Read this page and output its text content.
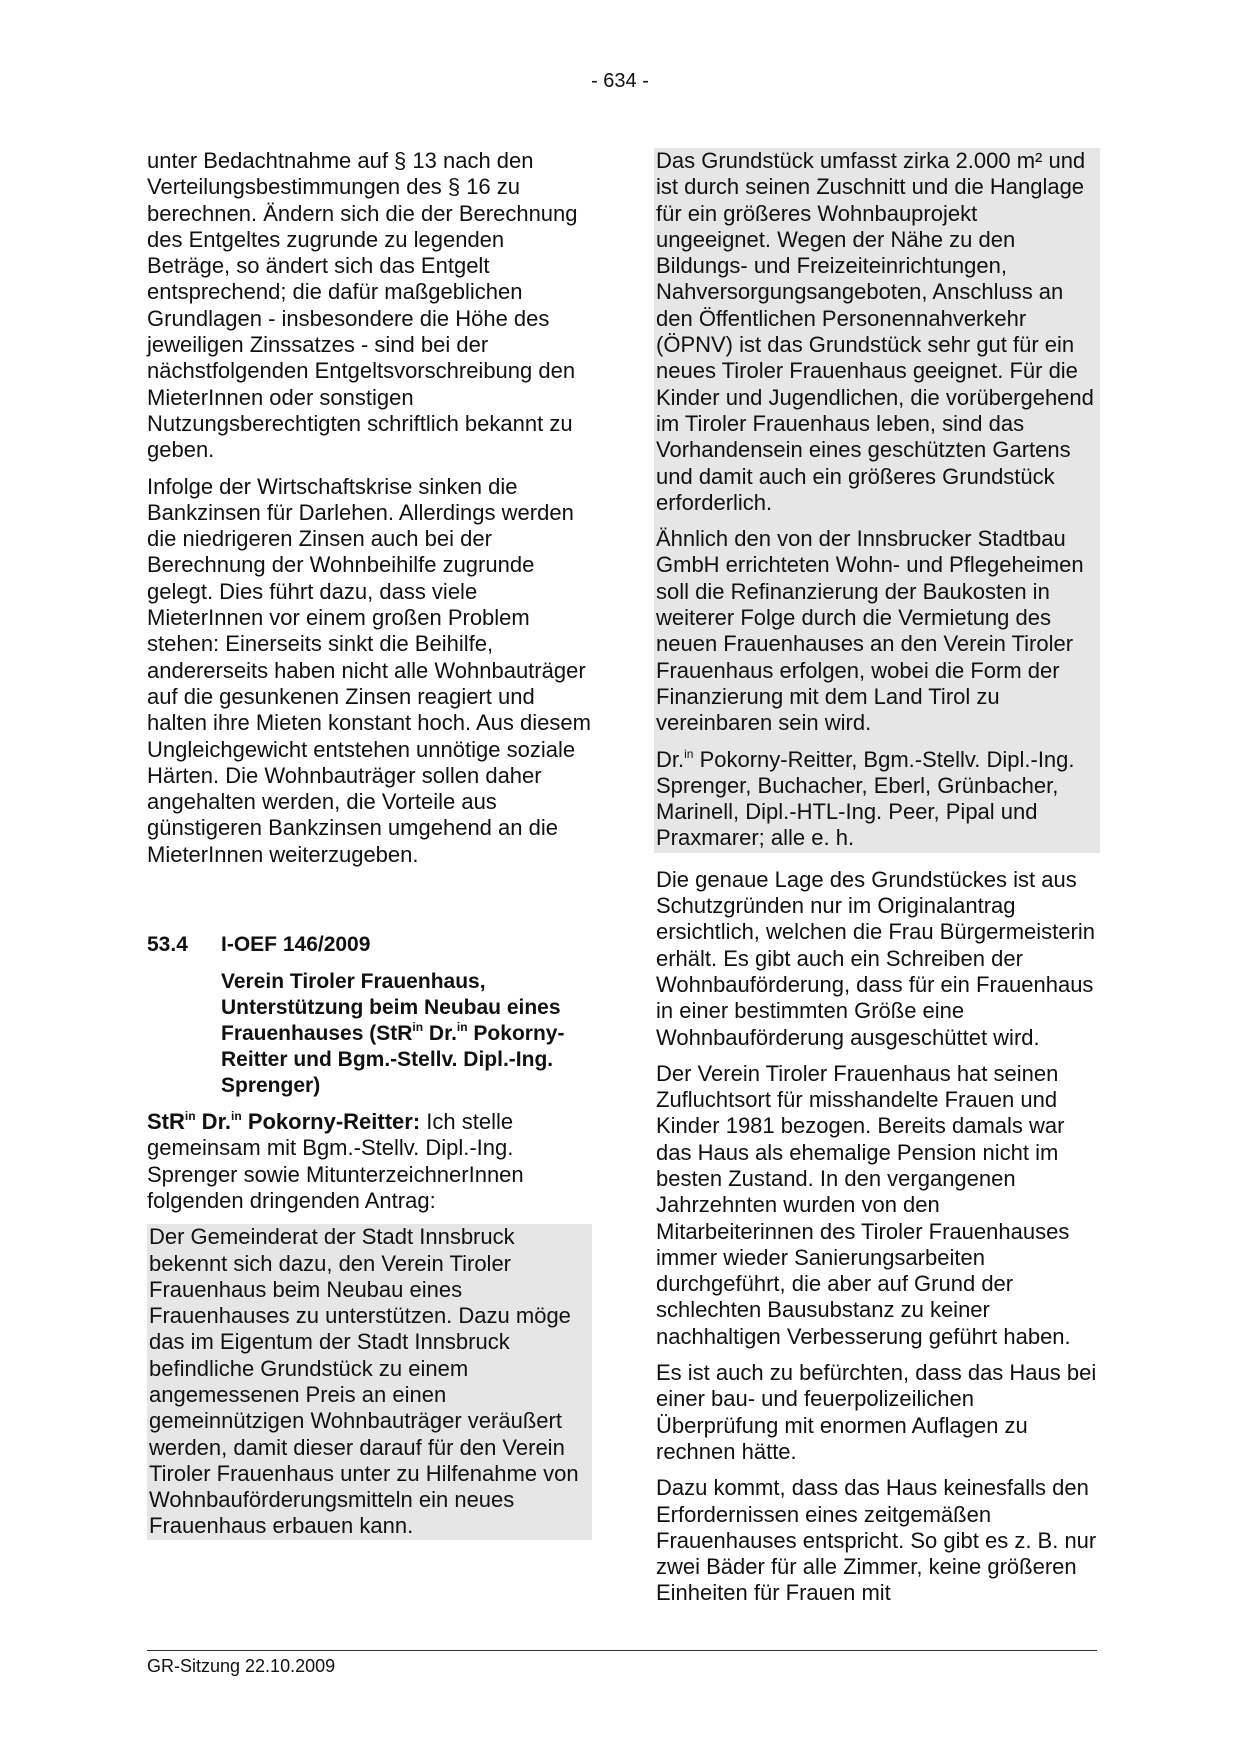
- 634 -

unter Bedachtnahme auf § 13 nach den Verteilungsbestimmungen des § 16 zu berechnen. Ändern sich die der Berechnung des Entgeltes zugrunde zu legenden Beträge, so ändert sich das Entgelt entsprechend; die dafür maßgeblichen Grundlagen - insbesondere die Höhe des jeweiligen Zinssatzes - sind bei der nächstfolgenden Entgeltsvorschreibung den MieterInnen oder sonstigen Nutzungsberechtigten schriftlich bekannt zu geben.

Infolge der Wirtschaftskrise sinken die Bankzinsen für Darlehen. Allerdings werden die niedrigeren Zinsen auch bei der Berechnung der Wohnbeihilfe zugrunde gelegt. Dies führt dazu, dass viele MieterInnen vor einem großen Problem stehen: Einerseits sinkt die Beihilfe, andererseits haben nicht alle Wohnbauträger auf die gesunkenen Zinsen reagiert und halten ihre Mieten konstant hoch. Aus diesem Ungleichgewicht entstehen unnötige soziale Härten. Die Wohnbauträger sollen daher angehalten werden, die Vorteile aus günstigeren Bankzinsen umgehend an die MieterInnen weiterzugeben.

53.4	I-OEF 146/2009
Verein Tiroler Frauenhaus, Unterstützung beim Neubau eines Frauenhauses (StR$^{in}$ Dr.$^{in}$ Pokorny-Reitter und Bgm.-Stellv. Dipl.-Ing. Sprenger)

StR$^{in}$ Dr.$^{in}$ Pokorny-Reitter: Ich stelle gemeinsam mit Bgm.-Stellv. Dipl.-Ing. Sprenger sowie MitunterzeichnerInnen folgenden dringenden Antrag:

Der Gemeinderat der Stadt Innsbruck bekennt sich dazu, den Verein Tiroler Frauenhaus beim Neubau eines Frauenhauses zu unterstützen. Dazu möge das im Eigentum der Stadt Innsbruck befindliche Grundstück zu einem angemessenen Preis an einen gemeinnützigen Wohnbauträger veräußert werden, damit dieser darauf für den Verein Tiroler Frauenhaus unter zu Hilfenahme von Wohnbauförderungsmitteln ein neues Frauenhaus erbauen kann.

Das Grundstück umfasst zirka 2.000 m² und ist durch seinen Zuschnitt und die Hanglage für ein größeres Wohnbauprojekt ungeeignet. Wegen der Nähe zu den Bildungs- und Freizeiteinrichtungen, Nahversorgungsangeboten, Anschluss an den Öffentlichen Personennahverkehr (ÖPNV) ist das Grundstück sehr gut für ein neues Tiroler Frauenhaus geeignet. Für die Kinder und Jugendlichen, die vorübergehend im Tiroler Frauenhaus leben, sind das Vorhandensein eines geschützten Gartens und damit auch ein größeres Grundstück erforderlich.

Ähnlich den von der Innsbrucker Stadtbau GmbH errichteten Wohn- und Pflegeheimen soll die Refinanzierung der Baukosten in weiterer Folge durch die Vermietung des neuen Frauenhauses an den Verein Tiroler Frauenhaus erfolgen, wobei die Form der Finanzierung mit dem Land Tirol zu vereinbaren sein wird.

Dr.$^{in}$ Pokorny-Reitter, Bgm.-Stellv. Dipl.-Ing. Sprenger, Buchacher, Eberl, Grünbacher, Marinell, Dipl.-HTL-Ing. Peer, Pipal und Praxmarer; alle e. h.

Die genaue Lage des Grundstückes ist aus Schutzgründen nur im Originalantrag ersichtlich, welchen die Frau Bürgermeisterin erhält. Es gibt auch ein Schreiben der Wohnbauförderung, dass für ein Frauenhaus in einer bestimmten Größe eine Wohnbauförderung ausgeschüttet wird.

Der Verein Tiroler Frauenhaus hat seinen Zufluchtsort für misshandelte Frauen und Kinder 1981 bezogen. Bereits damals war das Haus als ehemalige Pension nicht im besten Zustand. In den vergangenen Jahrzehnten wurden von den Mitarbeiterinnen des Tiroler Frauenhauses immer wieder Sanierungsarbeiten durchgeführt, die aber auf Grund der schlechten Bausubstanz zu keiner nachhaltigen Verbesserung geführt haben.

Es ist auch zu befürchten, dass das Haus bei einer bau- und feuerpolizeilichen Überprüfung mit enormen Auflagen zu rechnen hätte.

Dazu kommt, dass das Haus keinesfalls den Erfordernissen eines zeitgemäßen Frauenhauses entspricht. So gibt es z. B. nur zwei Bäder für alle Zimmer, keine größeren Einheiten für Frauen mit

GR-Sitzung 22.10.2009
